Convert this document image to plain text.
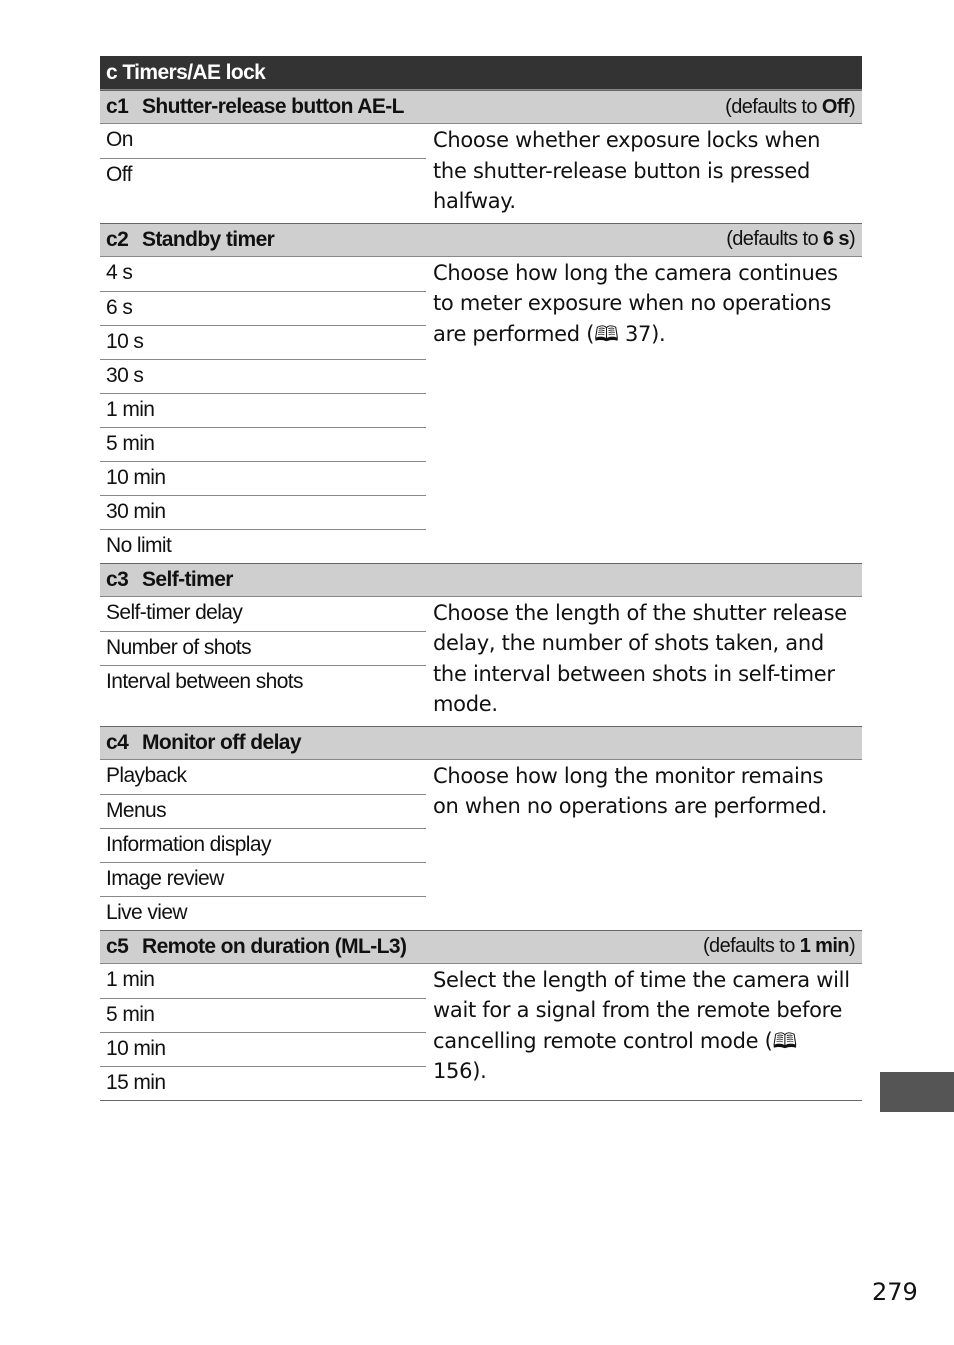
c Timers/AE lock
c1 Shutter-release button AE-L	(defaults to Off)
On
Off
Choose whether exposure locks when the shutter-release button is pressed halfway.
c2 Standby timer	(defaults to 6 s)
4 s
6 s
10 s
30 s
1 min
5 min
10 min
30 min
No limit
Choose how long the camera continues to meter exposure when no operations are performed (🕮 37).
c3 Self-timer
Self-timer delay
Number of shots
Interval between shots
Choose the length of the shutter release delay, the number of shots taken, and the interval between shots in self-timer mode.
c4 Monitor off delay
Playback
Menus
Information display
Image review
Live view
Choose how long the monitor remains on when no operations are performed.
c5 Remote on duration (ML-L3)	(defaults to 1 min)
1 min
5 min
10 min
15 min
Select the length of time the camera will wait for a signal from the remote before cancelling remote control mode (🕮 156).
279
